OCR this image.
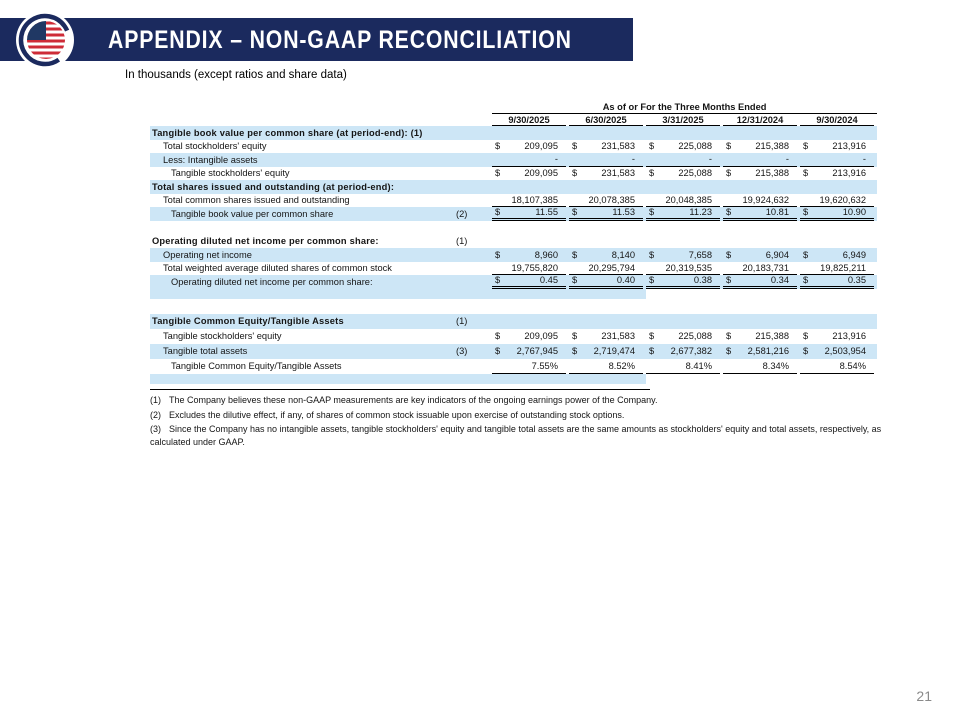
APPENDIX – NON-GAAP RECONCILIATION
In thousands (except ratios and share data)
		As of or For the Three Months Ended														
		9/30/2025			6/30/2025			3/31/2025			12/31/2024			9/30/2024		
Tangible book value per common share (at period-end): (1)																
Total stockholders' equity		$	209,095		$	231,583		$	225,088		$	215,388		$	213,916	
Less: Intangible assets			-			-			-			-			-	
Tangible stockholders' equity		$	209,095		$	231,583		$	225,088		$	215,388		$	213,916	
Total shares issued and outstanding (at period-end):																
Total common shares issued and outstanding			18,107,385			20,078,385			20,048,385			19,924,632			19,620,632	
Tangible book value per common share	(2)	$	11.55		$	11.53		$	11.23		$	10.81		$	10.90	

Operating diluted net income per common share:	(1)															
Operating net income		$	8,960		$	8,140		$	7,658		$	6,904		$	6,949	
Total weighted average diluted shares of common stock			19,755,820			20,295,794			20,319,535			20,183,731			19,825,211	
Operating diluted net income per common share:		$	0.45		$	0.40		$	0.38		$	0.34		$	0.35	

Tangible Common Equity/Tangible Assets	(1)															
Tangible stockholders' equity		$	209,095		$	231,583		$	225,088		$	215,388		$	213,916	
Tangible total assets	(3)	$	2,767,945		$	2,719,474		$	2,677,382		$	2,581,216		$	2,503,954	
Tangible Common Equity/Tangible Assets			7.55%			8.52%			8.41%			8.34%			8.54%	

(1) The Company believes these non-GAAP measurements are key indicators of the ongoing earnings power of the Company.
(2) Excludes the dilutive effect, if any, of shares of common stock issuable upon exercise of outstanding stock options.
(3) Since the Company has no intangible assets, tangible stockholders' equity and tangible total assets are the same amounts as stockholders' equity and total assets, respectively, as calculated under GAAP.
21
